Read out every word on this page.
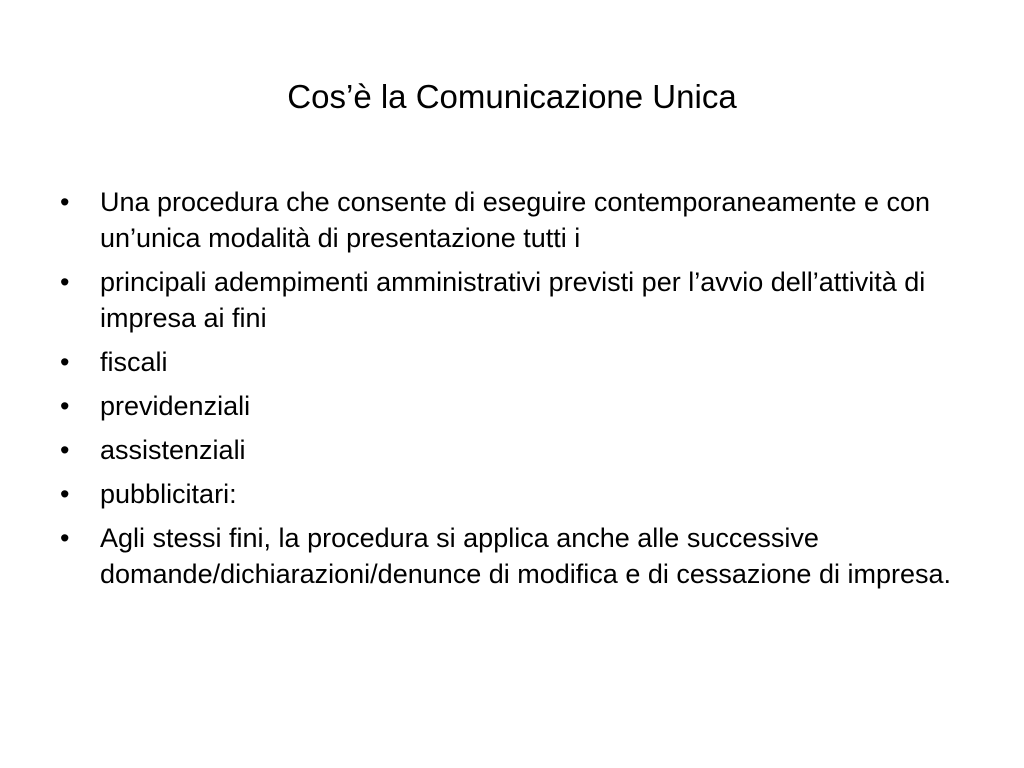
Cos’è la Comunicazione Unica
•	Una procedura che consente di eseguire contemporaneamente e con un’unica modalità di presentazione tutti i
•	principali adempimenti amministrativi previsti per l’avvio dell’attività di impresa ai fini
•	fiscali
•	previdenziali
•	assistenziali
•	pubblicitari:
•	Agli stessi fini, la procedura si applica anche alle successive domande/dichiarazioni/denunce di modifica e di cessazione di impresa.
